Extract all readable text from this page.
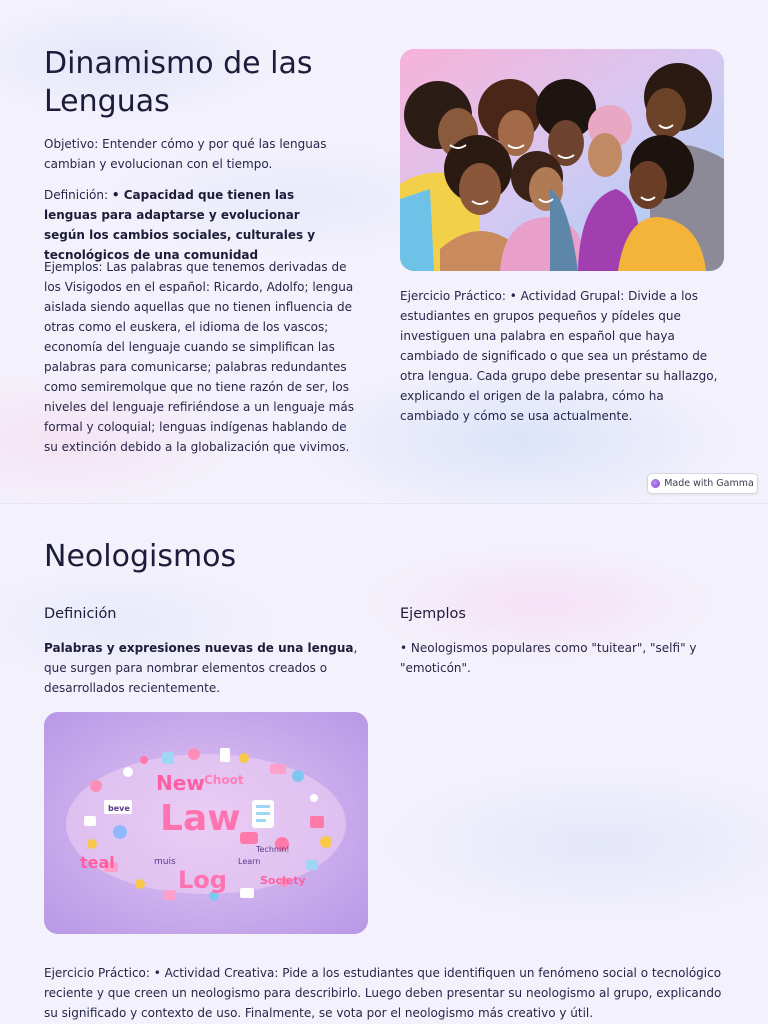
Dinamismo de las Lenguas

Objetivo: Entender cómo y por qué las lenguas cambian y evolucionan con el tiempo.

Definición: • Capacidad que tienen las lenguas para adaptarse y evolucionar según los cambios sociales, culturales y tecnológicos de una comunidad

Ejemplos: Las palabras que tenemos derivadas de los Visigodos en el español: Ricardo, Adolfo; lengua aislada siendo aquellas que no tienen influencia de otras como el euskera, el idioma de los vascos; economía del lenguaje cuando se simplifican las palabras para comunicarse; palabras redundantes como semiremolque que no tiene razón de ser, los niveles del lenguaje refiriéndose a un lenguaje más formal y coloquial; lenguas indígenas hablando de su extinción debido a la globalización que vivimos.

Ejercicio Práctico: • Actividad Grupal: Divide a los estudiantes en grupos pequeños y pídeles que investiguen una palabra en español que haya cambiado de significado o que sea un préstamo de otra lengua. Cada grupo debe presentar su hallazgo, explicando el origen de la palabra, cómo ha cambiado y cómo se usa actualmente.

Made with Gamma
Neologismos
Definición	Ejemplos

Palabras y expresiones nuevas de una lengua, que surgen para nombrar elementos creados o desarrollados recientemente.

• Neologismos populares como "tuitear", "selfi" y "emoticón".

New Choot
Law
Technin!
Learn
teal	muis
Log	Society
beve

Ejercicio Práctico: • Actividad Creativa: Pide a los estudiantes que identifiquen un fenómeno social o tecnológico reciente y que creen un neologismo para describirlo. Luego deben presentar su neologismo al grupo, explicando su significado y contexto de uso. Finalmente, se vota por el neologismo más creativo y útil.
